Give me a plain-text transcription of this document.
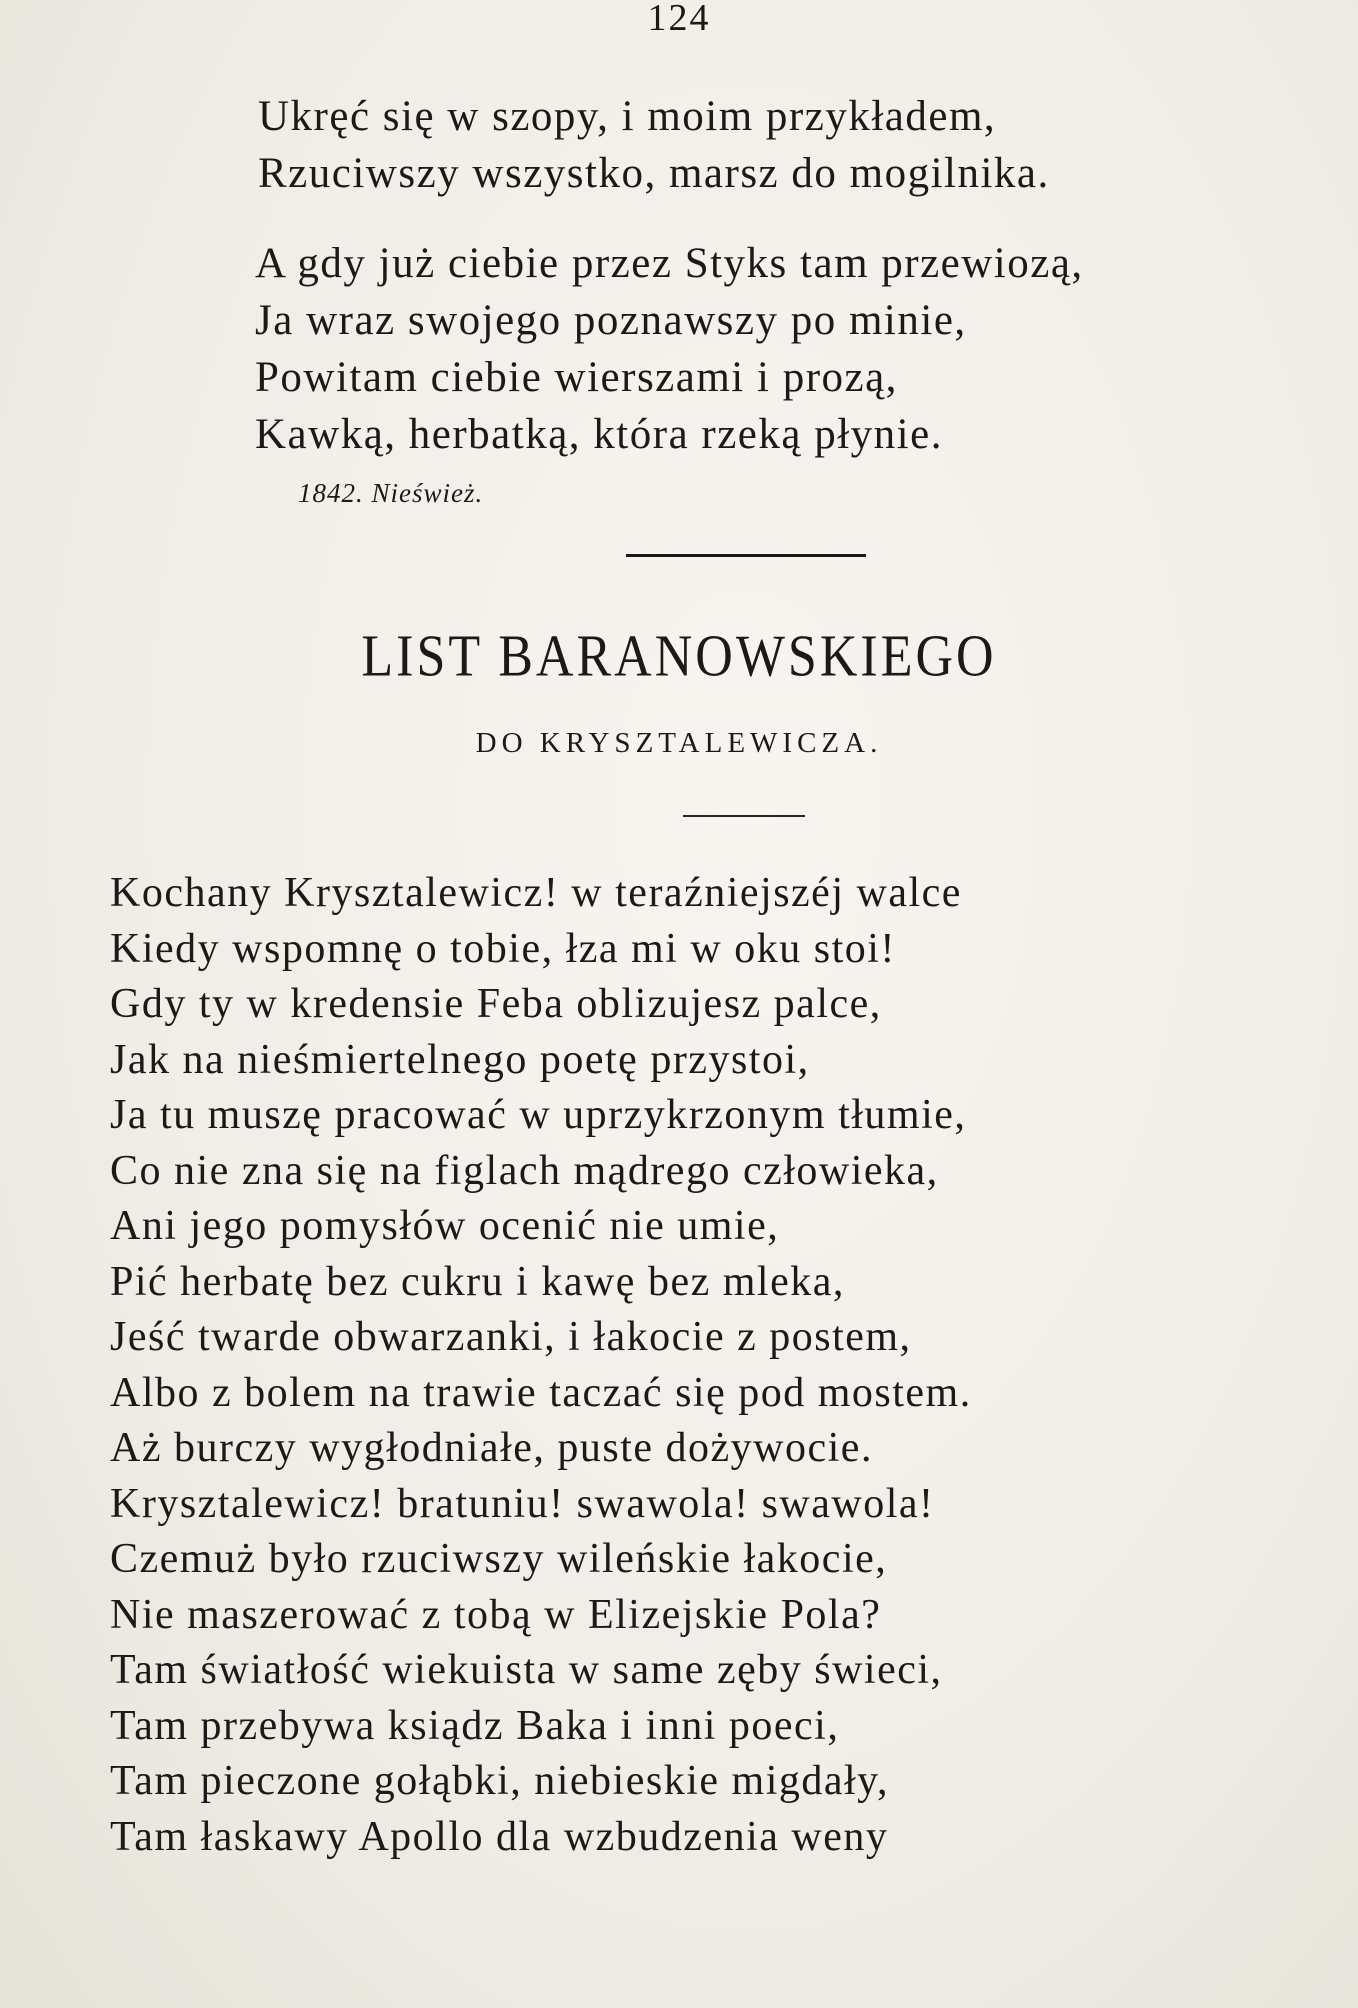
124
Ukręć się w szopy, i moim przykładem,
Rzuciwszy wszystko, marsz do mogilnika.
A gdy już ciebie przez Styks tam przewiozą,
Ja wraz swojego poznawszy po minie,
Powitam ciebie wierszami i prozą,
Kawką, herbatką, która rzeką płynie.
1842. Nieśwież.
LIST BARANOWSKIEGO
DO KRYSZTALEWICZA.
Kochany Krysztalewicz! w teraźniejszéj walce
Kiedy wspomnę o tobie, łza mi w oku stoi!
Gdy ty w kredensie Feba oblizujesz palce,
Jak na nieśmiertelnego poetę przystoi,
Ja tu muszę pracować w uprzykrzonym tłumie,
Co nie zna się na figlach mądrego człowieka,
Ani jego pomysłów ocenić nie umie,
Pić herbatę bez cukru i kawę bez mleka,
Jeść twarde obwarzanki, i łakocie z postem,
Albo z bolem na trawie taczać się pod mostem.
Aż burczy wygłodniałe, puste dożywocie.
Krysztalewicz! bratuniu! swawola! swawola!
Czemuż było rzuciwszy wileńskie łakocie,
Nie maszerować z tobą w Elizejskie Pola?
Tam światłość wiekuista w same zęby świeci,
Tam przebywa ksiądz Baka i inni poeci,
Tam pieczone gołąbki, niebieskie migdały,
Tam łaskawy Apollo dla wzbudzenia weny
